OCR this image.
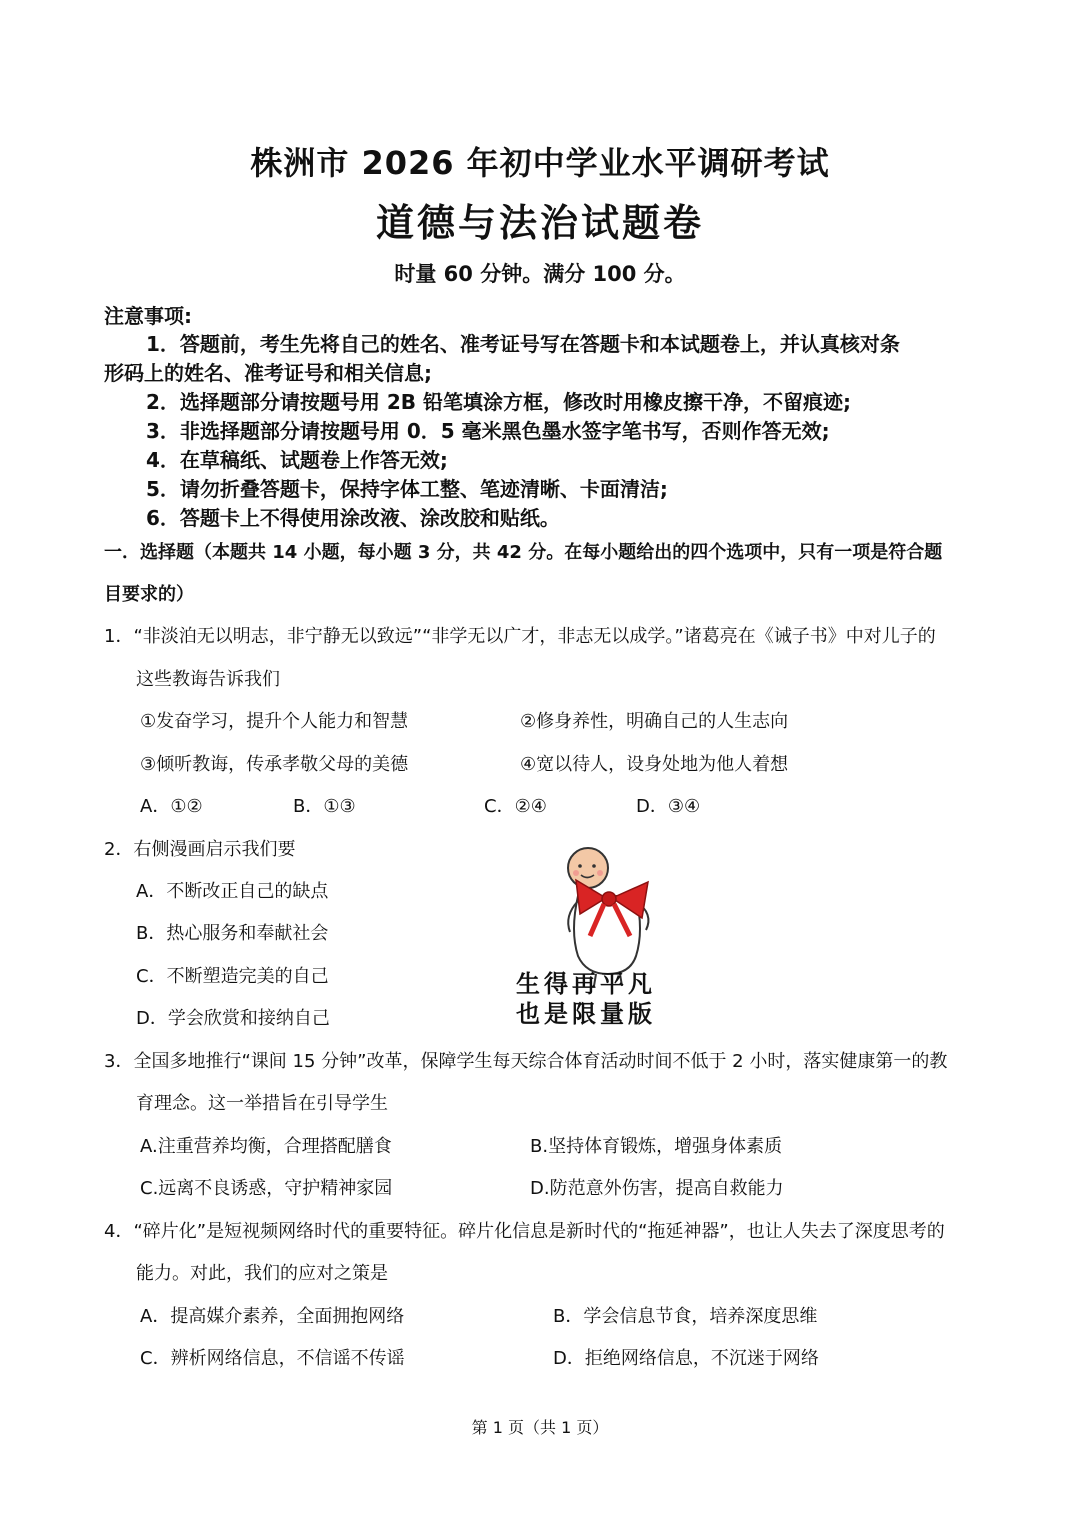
株洲市 2026 年初中学业水平调研考试
道德与法治试题卷
时量 60 分钟。满分 100 分。
注意事项:
1．答题前，考生先将自己的姓名、准考证号写在答题卡和本试题卷上，并认真核对条
形码上的姓名、准考证号和相关信息;
2．选择题部分请按题号用 2B 铅笔填涂方框，修改时用橡皮擦干净，不留痕迹;
3．非选择题部分请按题号用 0．5 毫米黑色墨水签字笔书写，否则作答无效;
4．在草稿纸、试题卷上作答无效;
5．请勿折叠答题卡，保持字体工整、笔迹清晰、卡面清洁;
6．答题卡上不得使用涂改液、涂改胶和贴纸。
一．选择题（本题共 14 小题，每小题 3 分，共 42 分。在每小题给出的四个选项中，只有一项是符合题
目要求的）
1．“非淡泊无以明志，非宁静无以致远”“非学无以广才，非志无以成学。”诸葛亮在《诫子书》中对儿子的
这些教诲告诉我们
①发奋学习，提升个人能力和智慧	②修身养性，明确自己的人生志向
③倾听教诲，传承孝敬父母的美德	④宽以待人，设身处地为他人着想
A．①②	B．①③	C．②④	D．③④
2．右侧漫画启示我们要
A．不断改正自己的缺点
B．热心服务和奉献社会
C．不断塑造完美的自己
D．学会欣赏和接纳自己
生得再平凡
也是限量版
3．全国多地推行“课间 15 分钟”改革，保障学生每天综合体育活动时间不低于 2 小时，落实健康第一的教
育理念。这一举措旨在引导学生
A.注重营养均衡，合理搭配膳食	B.坚持体育锻炼，增强身体素质
C.远离不良诱惑，守护精神家园	D.防范意外伤害，提高自救能力
4．“碎片化”是短视频网络时代的重要特征。碎片化信息是新时代的“拖延神器”，也让人失去了深度思考的
能力。对此，我们的应对之策是
A．提高媒介素养，全面拥抱网络	B．学会信息节食，培养深度思维
C．辨析网络信息，不信谣不传谣	D．拒绝网络信息，不沉迷于网络
第 1 页（共 1 页）
